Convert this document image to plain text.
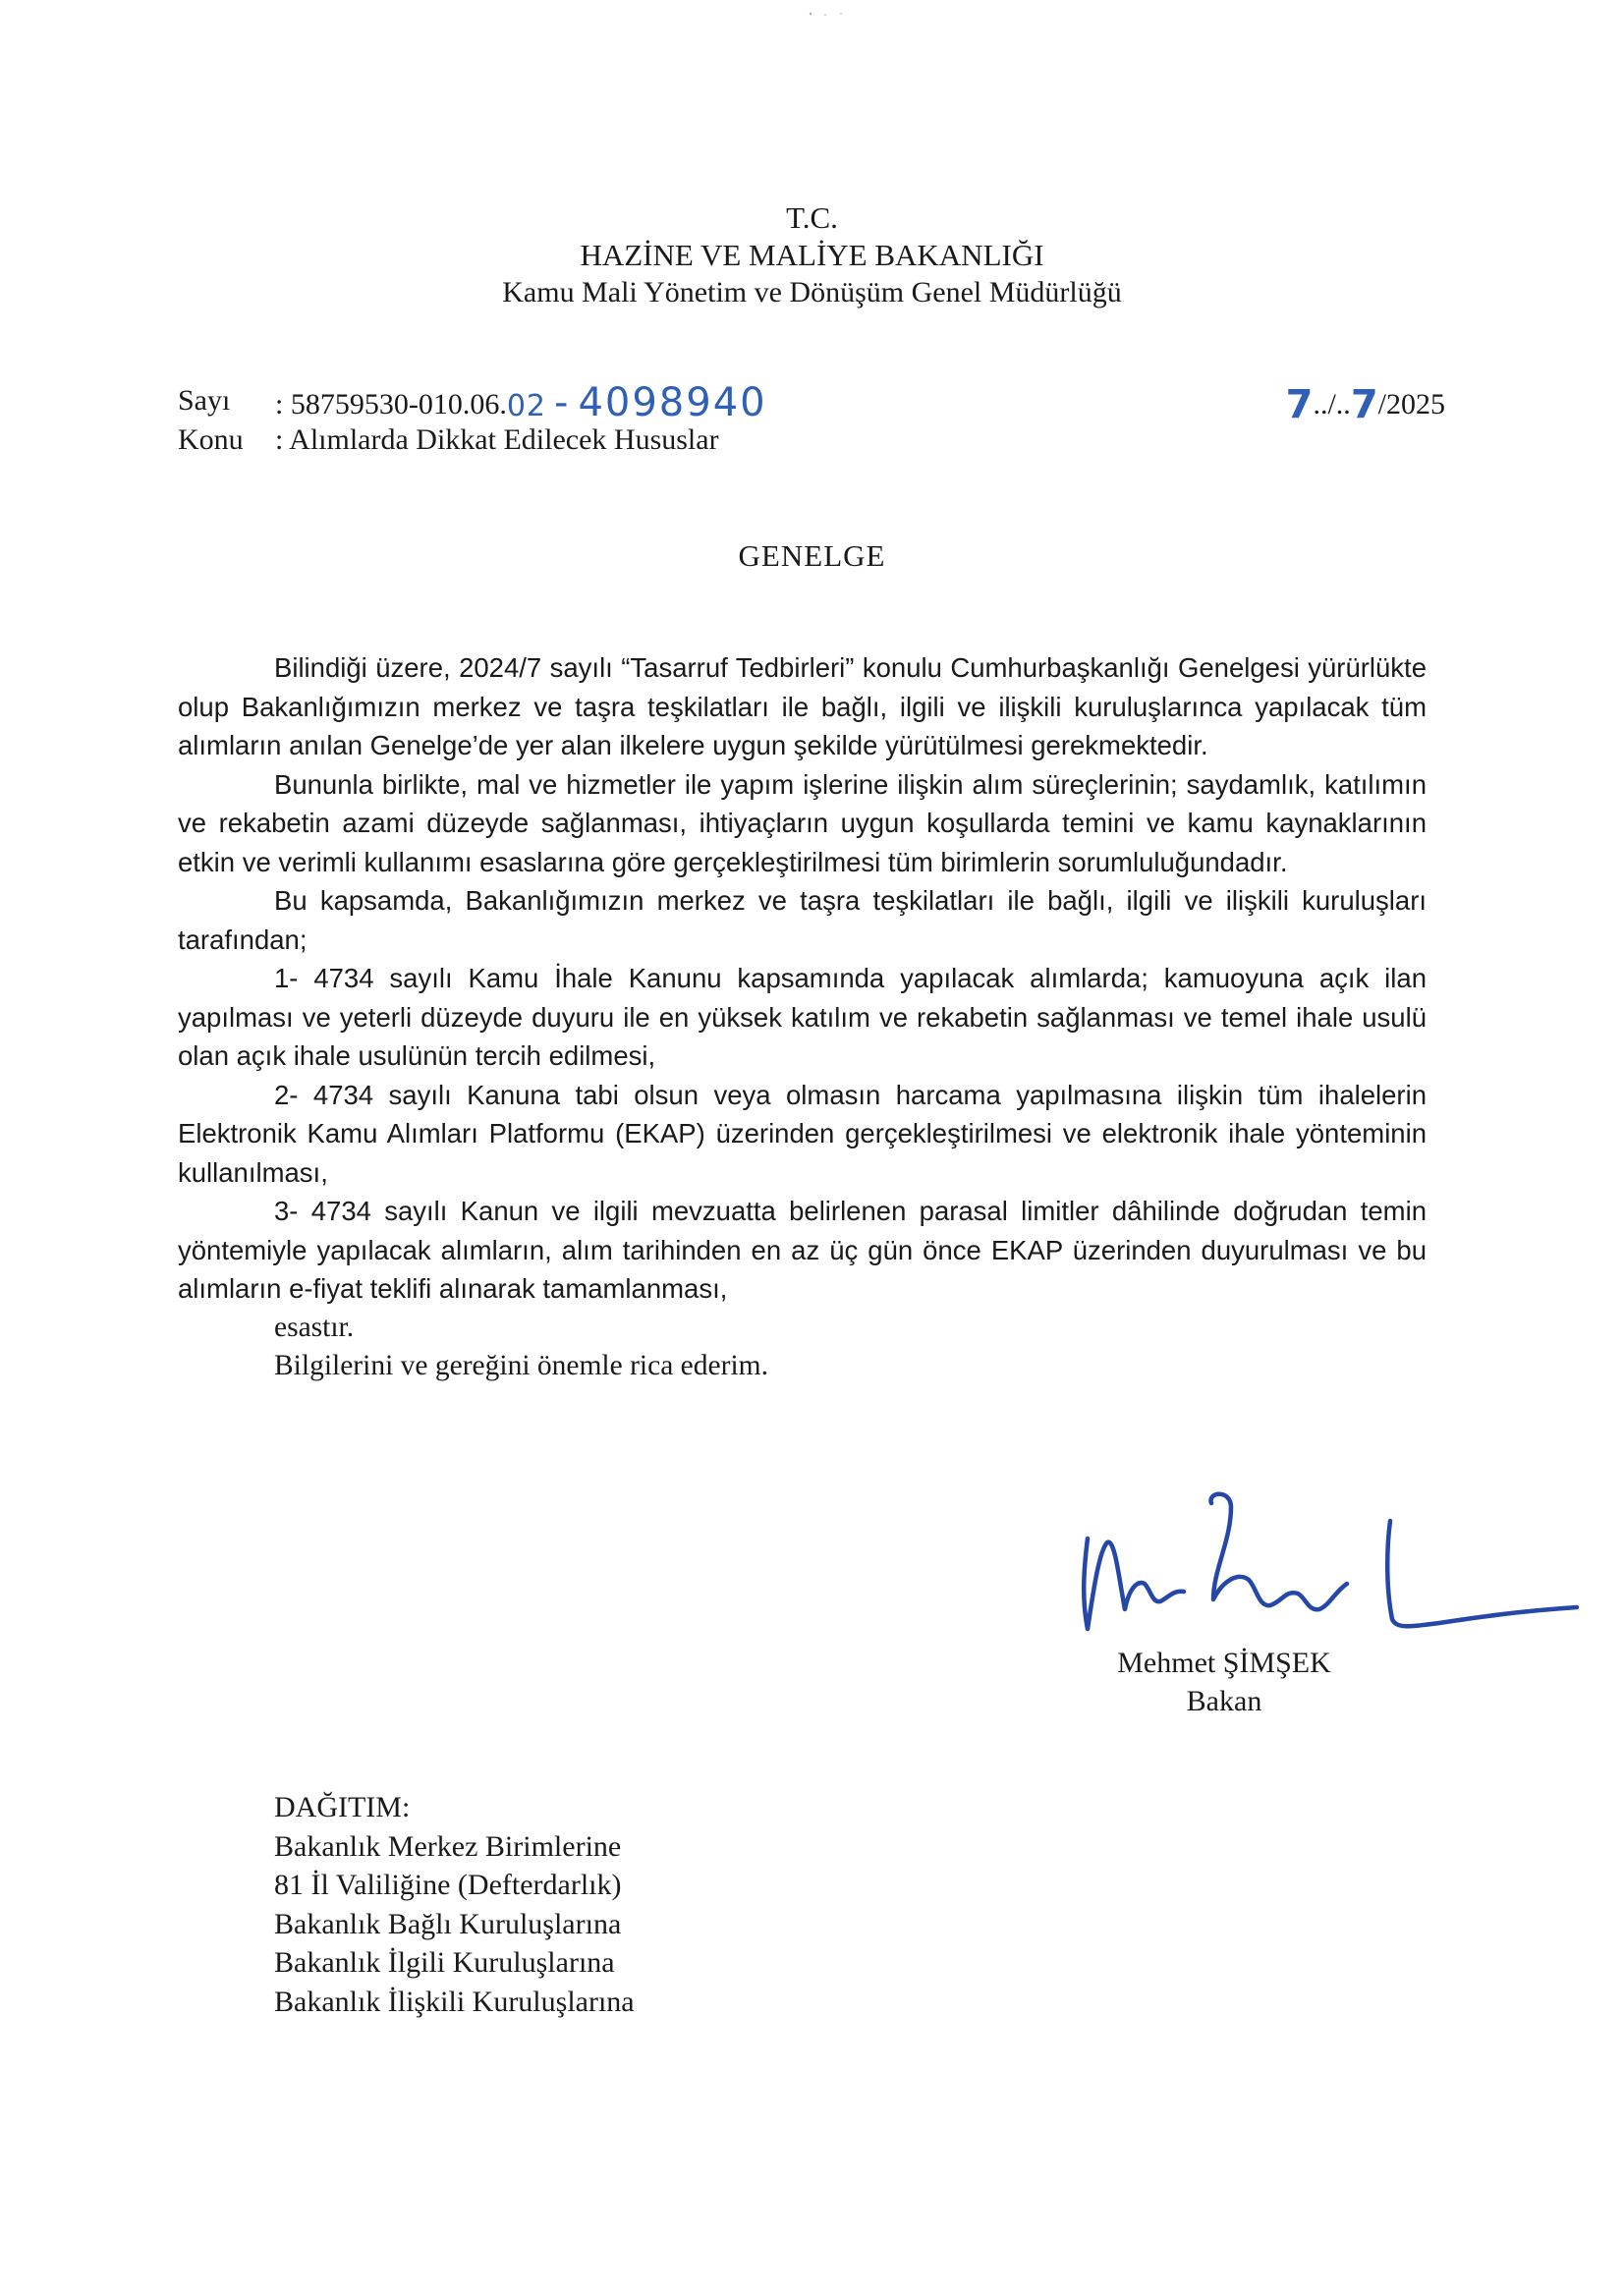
T.C.
HAZİNE VE MALİYE BAKANLIĞI
Kamu Mali Yönetim ve Dönüşüm Genel Müdürlüğü
Sayı : 58759530-010.06.02 - 4098940	7../..7/2025
Konu : Alımlarda Dikkat Edilecek Hususlar
GENELGE

Bilindiği üzere, 2024/7 sayılı “Tasarruf Tedbirleri” konulu Cumhurbaşkanlığı Genelgesi yürürlükte olup Bakanlığımızın merkez ve taşra teşkilatları ile bağlı, ilgili ve ilişkili kuruluşlarınca yapılacak tüm alımların anılan Genelge’de yer alan ilkelere uygun şekilde yürütülmesi gerekmektedir.

Bununla birlikte, mal ve hizmetler ile yapım işlerine ilişkin alım süreçlerinin; saydamlık, katılımın ve rekabetin azami düzeyde sağlanması, ihtiyaçların uygun koşullarda temini ve kamu kaynaklarının etkin ve verimli kullanımı esaslarına göre gerçekleştirilmesi tüm birimlerin sorumluluğundadır.

Bu kapsamda, Bakanlığımızın merkez ve taşra teşkilatları ile bağlı, ilgili ve ilişkili kuruluşları tarafından;

1- 4734 sayılı Kamu İhale Kanunu kapsamında yapılacak alımlarda; kamuoyuna açık ilan yapılması ve yeterli düzeyde duyuru ile en yüksek katılım ve rekabetin sağlanması ve temel ihale usulü olan açık ihale usulünün tercih edilmesi,

2- 4734 sayılı Kanuna tabi olsun veya olmasın harcama yapılmasına ilişkin tüm ihalelerin Elektronik Kamu Alımları Platformu (EKAP) üzerinden gerçekleştirilmesi ve elektronik ihale yönteminin kullanılması,

3- 4734 sayılı Kanun ve ilgili mevzuatta belirlenen parasal limitler dâhilinde doğrudan temin yöntemiyle yapılacak alımların, alım tarihinden en az üç gün önce EKAP üzerinden duyurulması ve bu alımların e-fiyat teklifi alınarak tamamlanması,

esastır.

Bilgilerini ve gereğini önemle rica ederim.

Mehmet ŞİMŞEK
Bakan
DAĞITIM:
Bakanlık Merkez Birimlerine
81 İl Valiliğine (Defterdarlık)
Bakanlık Bağlı Kuruluşlarına
Bakanlık İlgili Kuruluşlarına
Bakanlık İlişkili Kuruluşlarına
